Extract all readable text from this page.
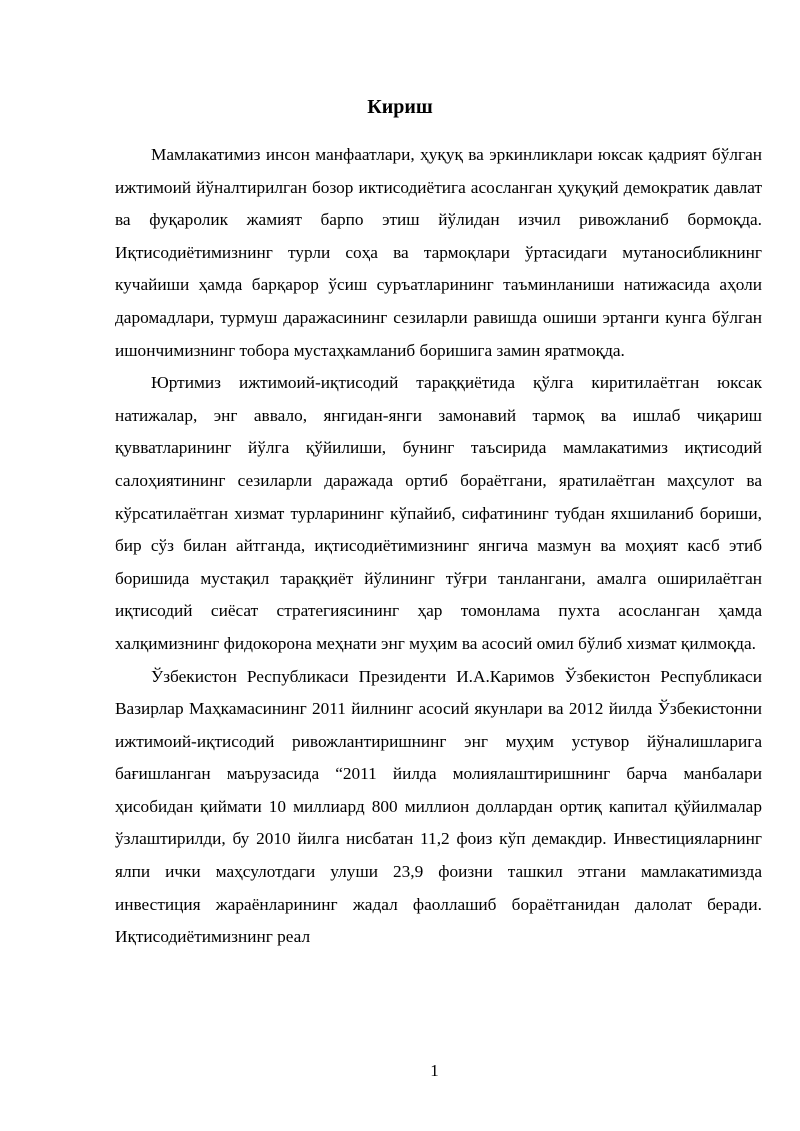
Кириш

Мамлакатимиз инсон манфаатлари, ҳуқуқ ва эркинликлари юксак қадрият бўлган ижтимоий йўналтирилган бозор иктисодиётига асосланган ҳуқуқий демократик давлат ва фуқаролик жамият барпо этиш йўлидан изчил ривожланиб бормоқда. Иқтисодиётимизнинг турли соҳа ва тармоқлари ўртасидаги мутаносибликнинг кучайиши ҳамда барқарор ўсиш суръатларининг таъминланиши натижасида аҳоли даромадлари, турмуш даражасининг сезиларли равишда ошиши эртанги кунга бўлган ишончимизнинг тобора мустаҳкамланиб боришига замин яратмоқда.

Юртимиз ижтимоий-иқтисодий тараққиётида қўлга киритилаётган юксак натижалар, энг аввало, янгидан-янги замонавий тармоқ ва ишлаб чиқариш қувватларининг йўлга қўйилиши, бунинг таъсирида мамлакатимиз иқтисодий салоҳиятининг сезиларли даражада ортиб бораётгани, яратилаётган маҳсулот ва кўрсатилаётган хизмат турларининг кўпайиб, сифатининг тубдан яхшиланиб бориши, бир сўз билан айтганда, иқтисодиётимизнинг янгича мазмун ва моҳият касб этиб боришида мустақил тараққиёт йўлининг тўғри танлангани, амалга оширилаётган иқтисодий сиёсат стратегиясининг ҳар томонлама пухта асосланган ҳамда халқимизнинг фидокорона меҳнати энг муҳим ва асосий омил бўлиб хизмат қилмоқда.

Ўзбекистон Республикаси Президенти И.А.Каримов Ўзбекистон Республикаси Вазирлар Маҳкамасининг 2011 йилнинг асосий якунлари ва 2012 йилда Ўзбекистонни ижтимоий-иқтисодий ривожлантиришнинг энг муҳим устувор йўналишларига бағишланган маърузасида “2011 йилда молиялаштиришнинг барча манбалари ҳисобидан қиймати 10 миллиард 800 миллион доллардан ортиқ капитал қўйилмалар ўзлаштирилди, бу 2010 йилга нисбатан 11,2 фоиз кўп демакдир. Инвестицияларнинг ялпи ички маҳсулотдаги улуши 23,9 фоизни ташкил этгани мамлакатимизда инвестиция жараёнларининг жадал фаоллашиб бораётганидан далолат беради. Иқтисодиётимизнинг реал

1
